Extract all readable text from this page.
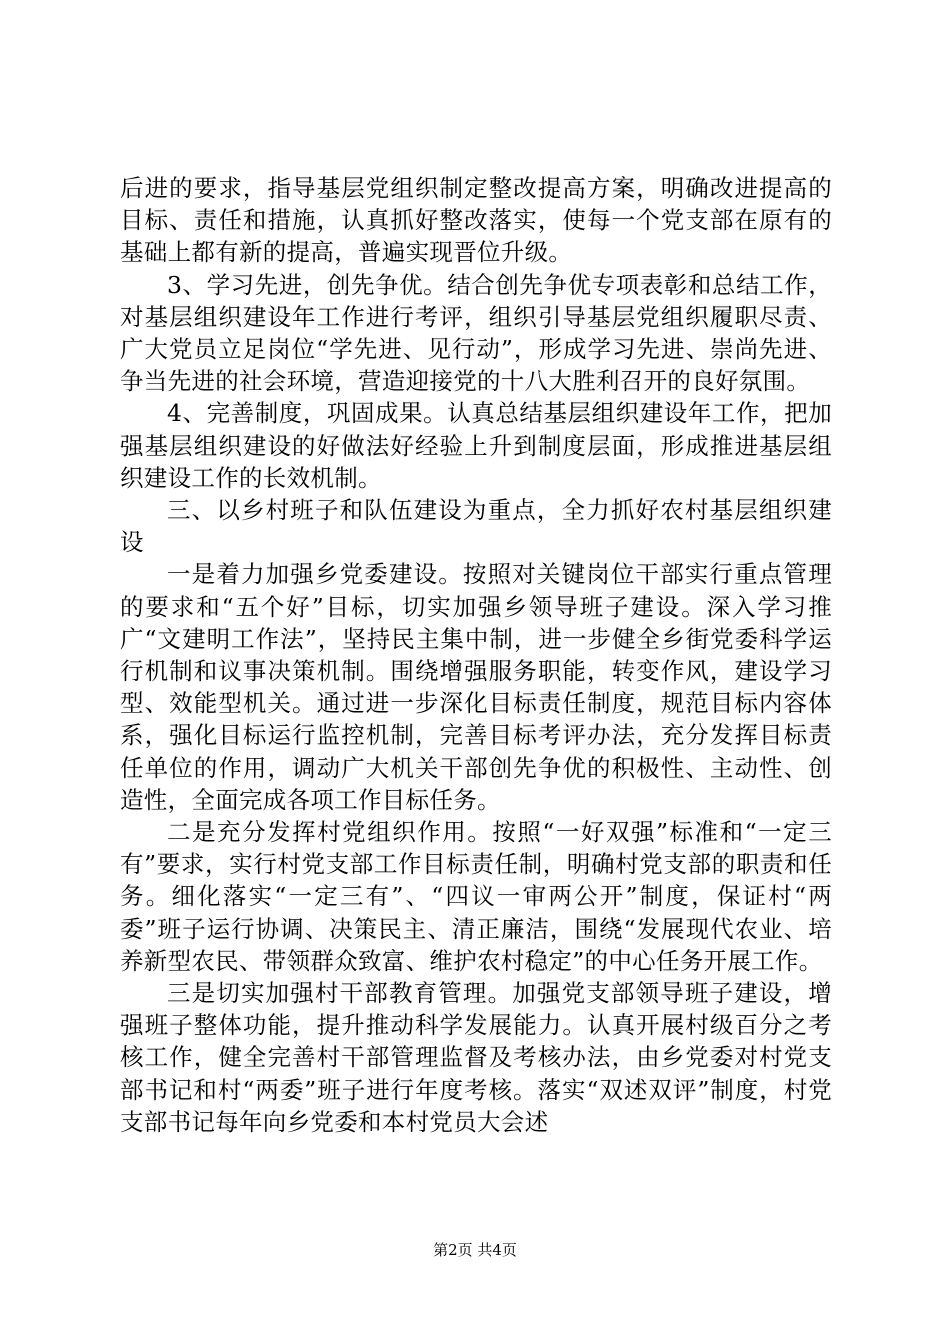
后进的要求，指导基层党组织制定整改提高方案，明确改进提高的目标、责任和措施，认真抓好整改落实，使每一个党支部在原有的基础上都有新的提高，普遍实现晋位升级。

3、学习先进，创先争优。结合创先争优专项表彰和总结工作，对基层组织建设年工作进行考评，组织引导基层党组织履职尽责、广大党员立足岗位“学先进、见行动”，形成学习先进、崇尚先进、争当先进的社会环境，营造迎接党的十八大胜利召开的良好氛围。

4、完善制度，巩固成果。认真总结基层组织建设年工作，把加强基层组织建设的好做法好经验上升到制度层面，形成推进基层组织建设工作的长效机制。

三、以乡村班子和队伍建设为重点，全力抓好农村基层组织建设

一是着力加强乡党委建设。按照对关键岗位干部实行重点管理的要求和“五个好”目标，切实加强乡领导班子建设。深入学习推广“文建明工作法”，坚持民主集中制，进一步健全乡街党委科学运行机制和议事决策机制。围绕增强服务职能，转变作风，建设学习型、效能型机关。通过进一步深化目标责任制度，规范目标内容体系，强化目标运行监控机制，完善目标考评办法，充分发挥目标责任单位的作用，调动广大机关干部创先争优的积极性、主动性、创造性，全面完成各项工作目标任务。

二是充分发挥村党组织作用。按照“一好双强”标准和“一定三有”要求，实行村党支部工作目标责任制，明确村党支部的职责和任务。细化落实“一定三有”、“四议一审两公开”制度，保证村“两委”班子运行协调、决策民主、清正廉洁，围绕“发展现代农业、培养新型农民、带领群众致富、维护农村稳定”的中心任务开展工作。

三是切实加强村干部教育管理。加强党支部领导班子建设，增强班子整体功能，提升推动科学发展能力。认真开展村级百分之考核工作，健全完善村干部管理监督及考核办法，由乡党委对村党支部书记和村“两委”班子进行年度考核。落实“双述双评”制度，村党支部书记每年向乡党委和本村党员大会述

第2页 共4页
